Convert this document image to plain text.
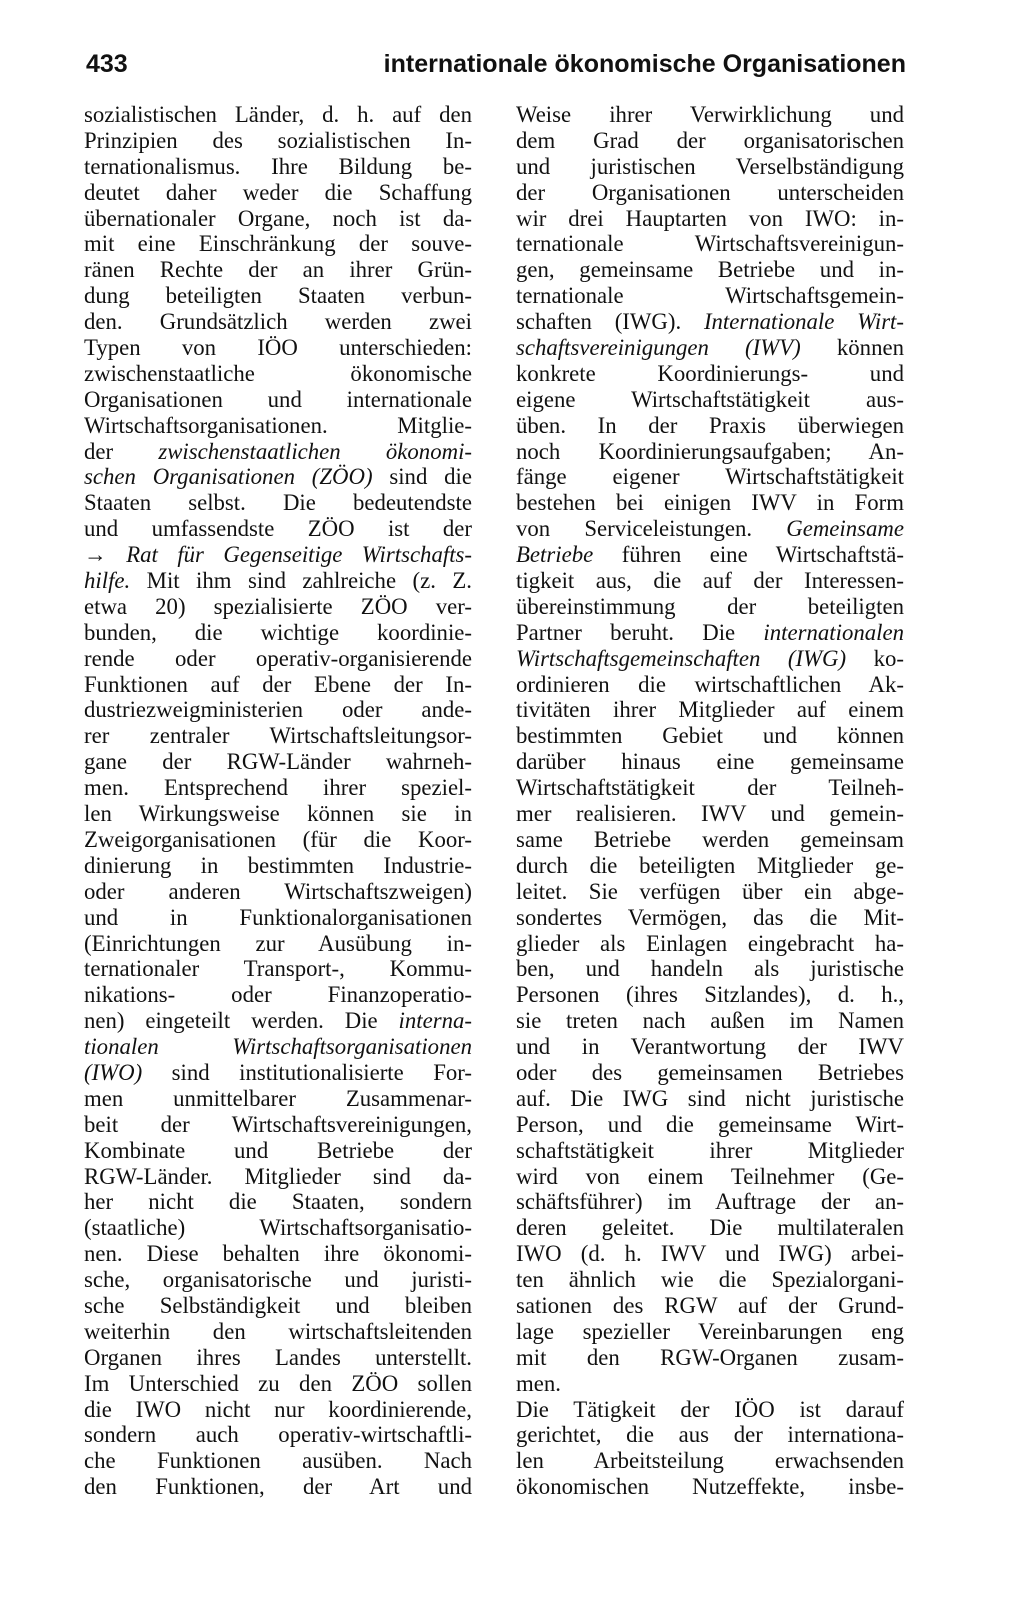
433	internationale ökonomische Organisationen
sozialistischen Länder, d. h. auf den
Prinzipien des sozialistischen In-
ternationalismus. Ihre Bildung be-
deutet daher weder die Schaffung
übernationaler Organe, noch ist da-
mit eine Einschränkung der souve-
ränen Rechte der an ihrer Grün-
dung beteiligten Staaten verbun-
den. Grundsätzlich werden zwei
Typen von IÖO unterschieden:
zwischenstaatliche ökonomische
Organisationen und internationale
Wirtschaftsorganisationen. Mitglie-
der zwischenstaatlichen ökonomi-
schen Organisationen (ZÖO) sind die
Staaten selbst. Die bedeutendste
und umfassendste ZÖO ist der
→ Rat für Gegenseitige Wirtschafts-
hilfe. Mit ihm sind zahlreiche (z. Z.
etwa 20) spezialisierte ZÖO ver-
bunden, die wichtige koordinie-
rende oder operativ-organisierende
Funktionen auf der Ebene der In-
dustriezweigministerien oder ande-
rer zentraler Wirtschaftsleitungsor-
gane der RGW-Länder wahrneh-
men. Entsprechend ihrer speziel-
len Wirkungsweise können sie in
Zweigorganisationen (für die Koor-
dinierung in bestimmten Industrie-
oder anderen Wirtschaftszweigen)
und in Funktionalorganisationen
(Einrichtungen zur Ausübung in-
ternationaler Transport-, Kommu-
nikations- oder Finanzoperatio-
nen) eingeteilt werden. Die interna-
tionalen Wirtschaftsorganisationen
(IWO) sind institutionalisierte For-
men unmittelbarer Zusammenar-
beit der Wirtschaftsvereinigungen,
Kombinate und Betriebe der
RGW-Länder. Mitglieder sind da-
her nicht die Staaten, sondern
(staatliche) Wirtschaftsorganisatio-
nen. Diese behalten ihre ökonomi-
sche, organisatorische und juristi-
sche Selbständigkeit und bleiben
weiterhin den wirtschaftsleitenden
Organen ihres Landes unterstellt.
Im Unterschied zu den ZÖO sollen
die IWO nicht nur koordinierende,
sondern auch operativ-wirtschaftli-
che Funktionen ausüben. Nach
den Funktionen, der Art und
Weise ihrer Verwirklichung und
dem Grad der organisatorischen
und juristischen Verselbständigung
der Organisationen unterscheiden
wir drei Hauptarten von IWO: in-
ternationale Wirtschaftsvereinigun-
gen, gemeinsame Betriebe und in-
ternationale Wirtschaftsgemein-
schaften (IWG). Internationale Wirt-
schaftsvereinigungen (IWV) können
konkrete Koordinierungs- und
eigene Wirtschaftstätigkeit aus-
üben. In der Praxis überwiegen
noch Koordinierungsaufgaben; An-
fänge eigener Wirtschaftstätigkeit
bestehen bei einigen IWV in Form
von Serviceleistungen. Gemeinsame
Betriebe führen eine Wirtschaftstä-
tigkeit aus, die auf der Interessen-
übereinstimmung der beteiligten
Partner beruht. Die internationalen
Wirtschaftsgemeinschaften (IWG) ko-
ordinieren die wirtschaftlichen Ak-
tivitäten ihrer Mitglieder auf einem
bestimmten Gebiet und können
darüber hinaus eine gemeinsame
Wirtschaftstätigkeit der Teilneh-
mer realisieren. IWV und gemein-
same Betriebe werden gemeinsam
durch die beteiligten Mitglieder ge-
leitet. Sie verfügen über ein abge-
sondertes Vermögen, das die Mit-
glieder als Einlagen eingebracht ha-
ben, und handeln als juristische
Personen (ihres Sitzlandes), d. h.,
sie treten nach außen im Namen
und in Verantwortung der IWV
oder des gemeinsamen Betriebes
auf. Die IWG sind nicht juristische
Person, und die gemeinsame Wirt-
schaftstätigkeit ihrer Mitglieder
wird von einem Teilnehmer (Ge-
schäftsführer) im Auftrage der an-
deren geleitet. Die multilateralen
IWO (d. h. IWV und IWG) arbei-
ten ähnlich wie die Spezialorgani-
sationen des RGW auf der Grund-
lage spezieller Vereinbarungen eng
mit den RGW-Organen zusam-
men.
Die Tätigkeit der IÖO ist darauf
gerichtet, die aus der internationa-
len Arbeitsteilung erwachsenden
ökonomischen Nutzeffekte, insbe-
